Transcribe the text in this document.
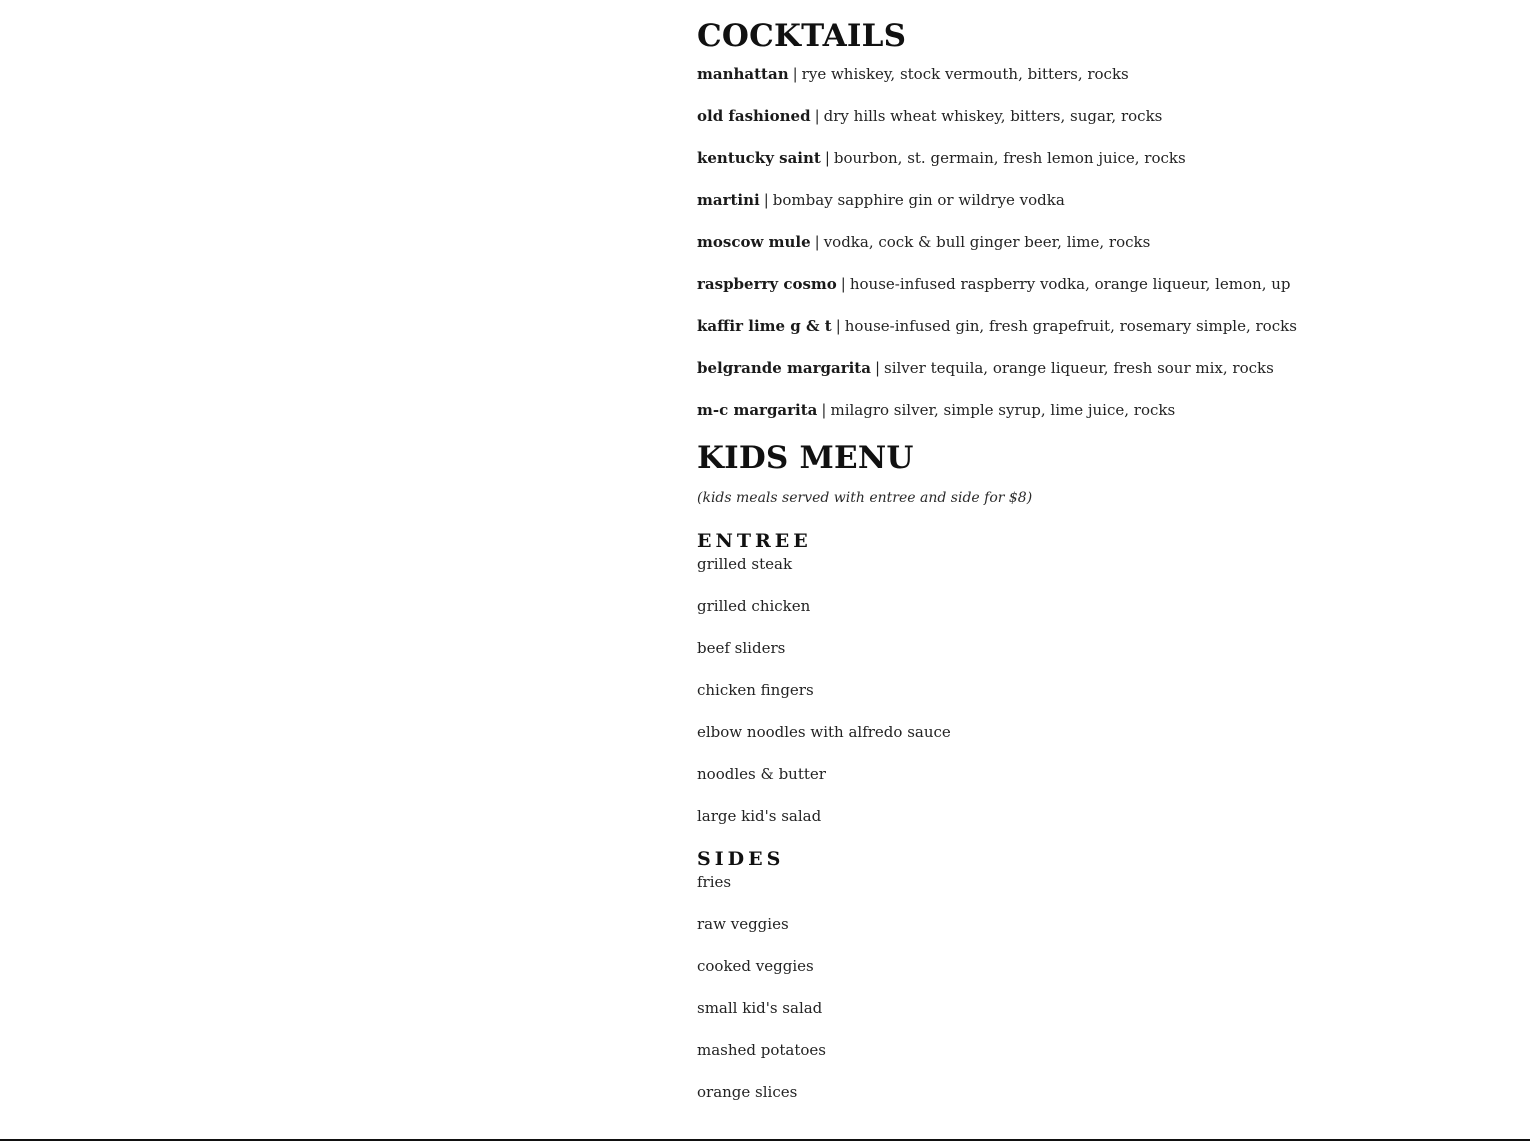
COCKTAILS
manhattan | rye whiskey, stock vermouth, bitters, rocks
old fashioned | dry hills wheat whiskey, bitters, sugar, rocks
kentucky saint | bourbon, st. germain, fresh lemon juice, rocks
martini | bombay sapphire gin or wildrye vodka
moscow mule | vodka, cock & bull ginger beer, lime, rocks
raspberry cosmo | house-infused raspberry vodka, orange liqueur, lemon, up
kaffir lime g & t | house-infused gin, fresh grapefruit, rosemary simple, rocks
belgrande margarita | silver tequila, orange liqueur, fresh sour mix, rocks
m-c margarita | milagro silver, simple syrup, lime juice, rocks
KIDS MENU
(kids meals served with entree and side for $8)
ENTREE
grilled steak
grilled chicken
beef sliders
chicken fingers
elbow noodles with alfredo sauce
noodles & butter
large kid's salad
SIDES
fries
raw veggies
cooked veggies
small kid's salad
mashed potatoes
orange slices
